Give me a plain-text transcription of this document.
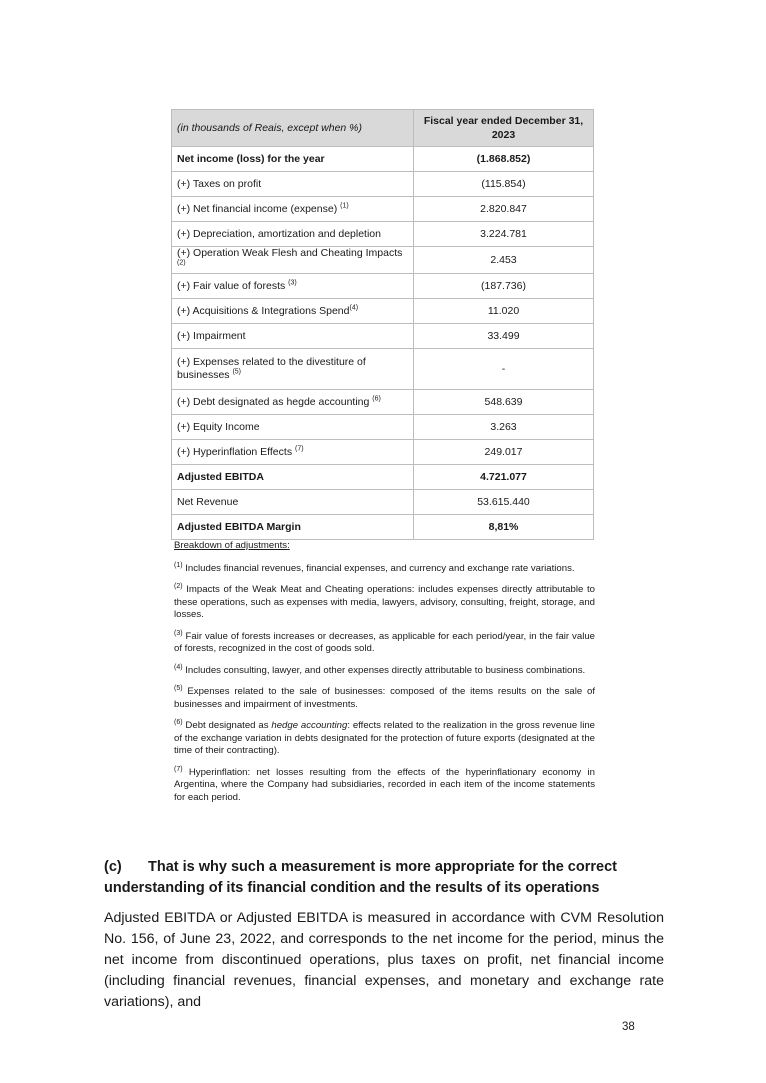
(in thousands of Reais, except when %)	Fiscal year ended December 31, 2023
Net income (loss) for the year	(1.868.852)
(+) Taxes on profit	(115.854)
(+) Net financial income (expense) $^{(1)}$	2.820.847
(+) Depreciation, amortization and depletion	3.224.781
(+) Operation Weak Flesh and Cheating Impacts $^{(2)}$	2.453
(+) Fair value of forests $^{(3)}$	(187.736)
(+) Acquisitions & Integrations Spend$^{(4)}$	11.020
(+) Impairment	33.499
(+) Expenses related to the divestiture of businesses $^{(5)}$	-
(+) Debt designated as hegde accounting $^{(6)}$	548.639
(+) Equity Income	3.263
(+) Hyperinflation Effects $^{(7)}$	249.017
Adjusted EBITDA	4.721.077
Net Revenue	53.615.440
Adjusted EBITDA Margin	8,81%

Breakdown of adjustments:

$^{(1)}$ Includes financial revenues, financial expenses, and currency and exchange rate variations.

$^{(2)}$ Impacts of the Weak Meat and Cheating operations: includes expenses directly attributable to these operations, such as expenses with media, lawyers, advisory, consulting, freight, storage, and losses.

$^{(3)}$ Fair value of forests increases or decreases, as applicable for each period/year, in the fair value of forests, recognized in the cost of goods sold.

$^{(4)}$ Includes consulting, lawyer, and other expenses directly attributable to business combinations.

$^{(5)}$ Expenses related to the sale of businesses: composed of the items results on the sale of businesses and impairment of investments.

$^{(6)}$ Debt designated as hedge accounting: effects related to the realization in the gross revenue line of the exchange variation in debts designated for the protection of future exports (designated at the time of their contracting).

$^{(7)}$ Hyperinflation: net losses resulting from the effects of the hyperinflationary economy in Argentina, where the Company had subsidiaries, recorded in each item of the income statements for each period.

(c) That is why such a measurement is more appropriate for the correct understanding of its financial condition and the results of its operations
Adjusted EBITDA or Adjusted EBITDA is measured in accordance with CVM Resolution No. 156, of June 23, 2022, and corresponds to the net income for the period, minus the net income from discontinued operations, plus taxes on profit, net financial income (including financial revenues, financial expenses, and monetary and exchange rate variations), and
38
